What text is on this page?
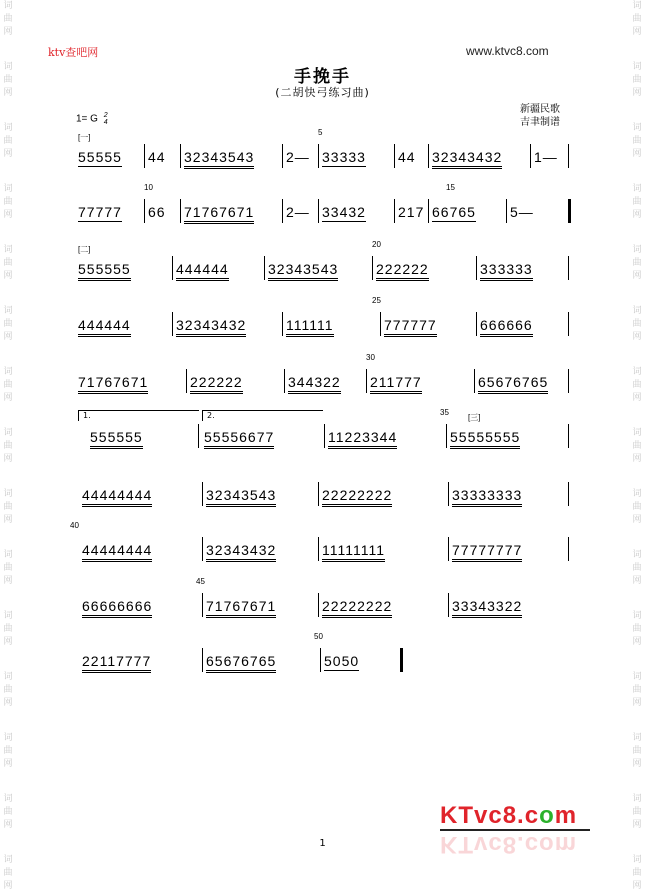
词
曲
网
词
曲
网
词
曲
网
词
曲
网
词
曲
网
词
曲
网
词
曲
网
词
曲
网
词
曲
网
词
曲
网
词
曲
网
词
曲
网
词
曲
网
词
曲
网
词
曲
网
词
曲
网
词
曲
网
词
曲
网
词
曲
网
词
曲
网
词
曲
网
词
曲
网
词
曲
网
词
曲
网
词
曲
网
词
曲
网
词
曲
网
词
曲
网
词
曲
网
词
曲
网
ktv查吧网	www.ktvc8.com
手挽手
(二胡快弓练习曲)
新疆民歌
吉聿制谱
1= G 2
4
55555 44 32343543 2— 33333 44 32343432 1—
5
[一]
77777 66 71767671 2— 33432 217 66765 5—
10	15
555555	444444	32343543	222222	333333
20
[二]
444444	32343432	111111	777777	666666
25
71767671	222222	344322 211777	65676765
30
555555	55556677	11223344	55555555
35
[三]
1.	2.
44444444	32343543	22222222	33333333
44444444	32343432	11111111	77777777
40
66666666	71767671	22222222	33343322
45
22117777	65676765	5050
50
1
KTvc8.com
KTvc8.com
